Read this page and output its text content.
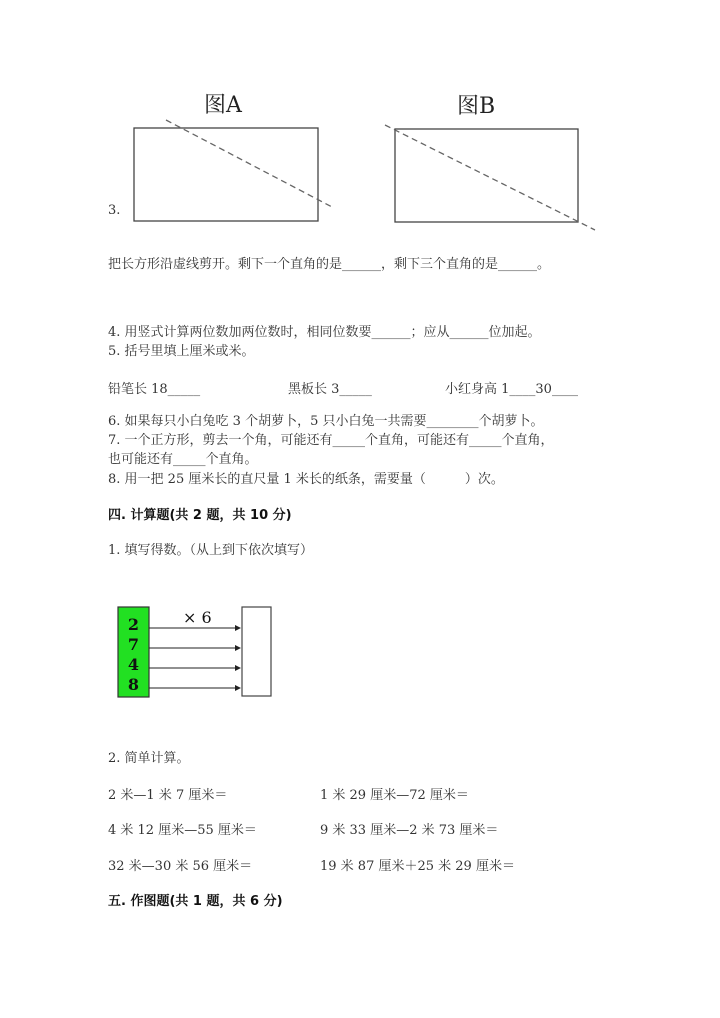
图A	图B
3.
把长方形沿虚线剪开。剩下一个直角的是______，剩下三个直角的是______。
4. 用竖式计算两位数加两位数时，相同位数要______；应从______位加起。
5. 括号里填上厘米或米。
铅笔长 18_____	黑板长 3_____	小红身高 1____30____
6. 如果每只小白兔吃 3 个胡萝卜，5 只小白兔一共需要________个胡萝卜。
7. 一个正方形，剪去一个角，可能还有_____个直角，可能还有_____个直角，
也可能还有_____个直角。
8. 用一把 25 厘米长的直尺量 1 米长的纸条，需要量（　　　）次。
四. 计算题(共 2 题，共 10 分)
1. 填写得数。（从上到下依次填写）
× 6
2
7
4
8
2. 简单计算。
2 米—1 米 7 厘米＝	1 米 29 厘米—72 厘米＝
4 米 12 厘米—55 厘米＝	9 米 33 厘米—2 米 73 厘米＝
32 米—30 米 56 厘米＝	19 米 87 厘米＋25 米 29 厘米＝
五. 作图题(共 1 题，共 6 分)
